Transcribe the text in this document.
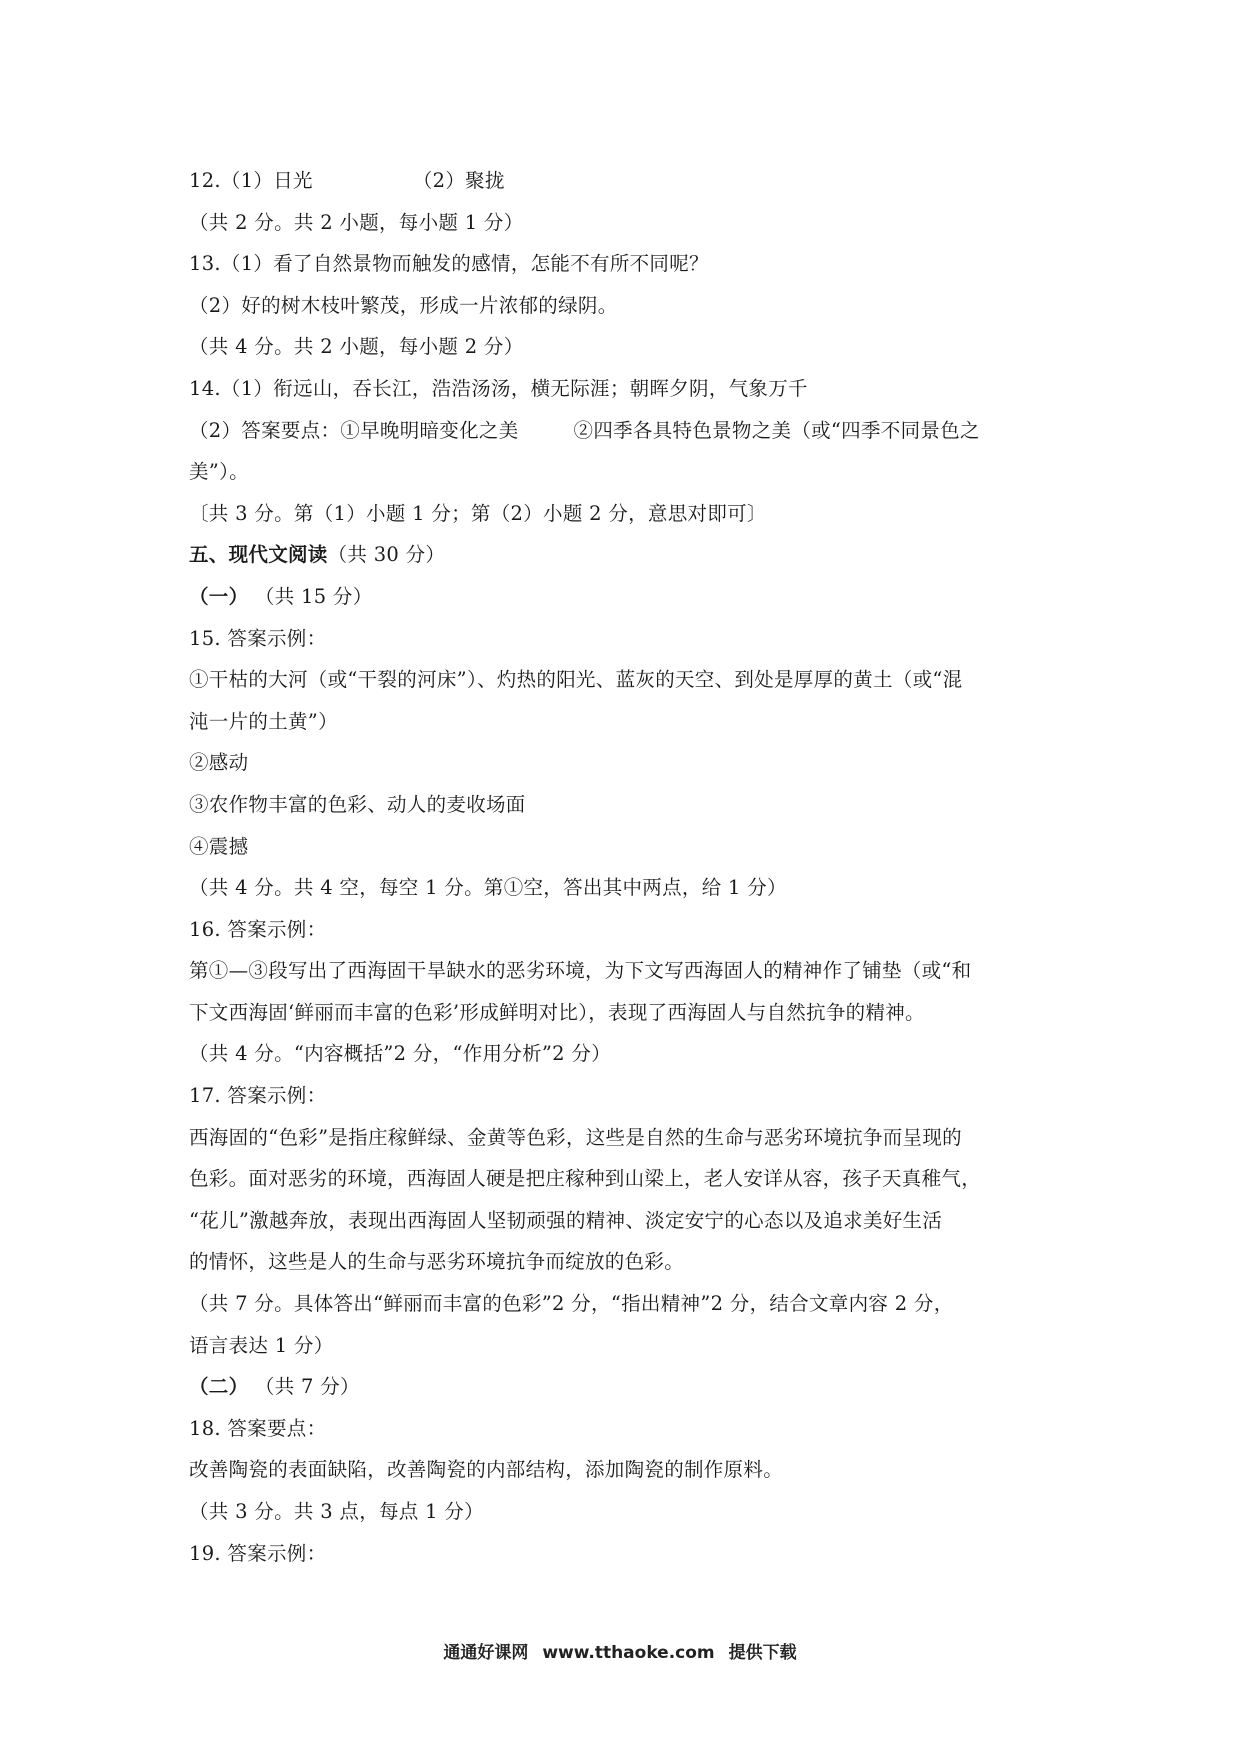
12.（1）日光	（2）聚拢
（共 2 分。共 2 小题，每小题 1 分）
13.（1）看了自然景物而触发的感情，怎能不有所不同呢？
（2）好的树木枝叶繁茂，形成一片浓郁的绿阴。
（共 4 分。共 2 小题，每小题 2 分）
14.（1）衔远山，吞长江，浩浩汤汤，横无际涯；朝晖夕阴，气象万千
（2）答案要点：①早晚明暗变化之美	②四季各具特色景物之美（或“四季不同景色之
美”）。
〔共 3 分。第（1）小题 1 分；第（2）小题 2 分，意思对即可〕
五、现代文阅读（共 30 分）
（一） （共 15 分）
15. 答案示例：
①干枯的大河（或“干裂的河床”）、灼热的阳光、蓝灰的天空、到处是厚厚的黄土（或“混
沌一片的土黄”）
②感动
③农作物丰富的色彩、动人的麦收场面
④震撼
（共 4 分。共 4 空，每空 1 分。第①空，答出其中两点，给 1 分）
16. 答案示例：
第①—③段写出了西海固干旱缺水的恶劣环境，为下文写西海固人的精神作了铺垫（或“和
下文西海固‘鲜丽而丰富的色彩’形成鲜明对比），表现了西海固人与自然抗争的精神。
（共 4 分。“内容概括”2 分，“作用分析”2 分）
17. 答案示例：
西海固的“色彩”是指庄稼鲜绿、金黄等色彩，这些是自然的生命与恶劣环境抗争而呈现的
色彩。面对恶劣的环境，西海固人硬是把庄稼种到山梁上，老人安详从容，孩子天真稚气，
“花儿”激越奔放，表现出西海固人坚韧顽强的精神、淡定安宁的心态以及追求美好生活
的情怀，这些是人的生命与恶劣环境抗争而绽放的色彩。
（共 7 分。具体答出“鲜丽而丰富的色彩”2 分，“指出精神”2 分，结合文章内容 2 分，
语言表达 1 分）
（二） （共 7 分）
18. 答案要点：
改善陶瓷的表面缺陷，改善陶瓷的内部结构，添加陶瓷的制作原料。
（共 3 分。共 3 点，每点 1 分）
19. 答案示例：
通通好课网 www.tthaoke.com 提供下载
